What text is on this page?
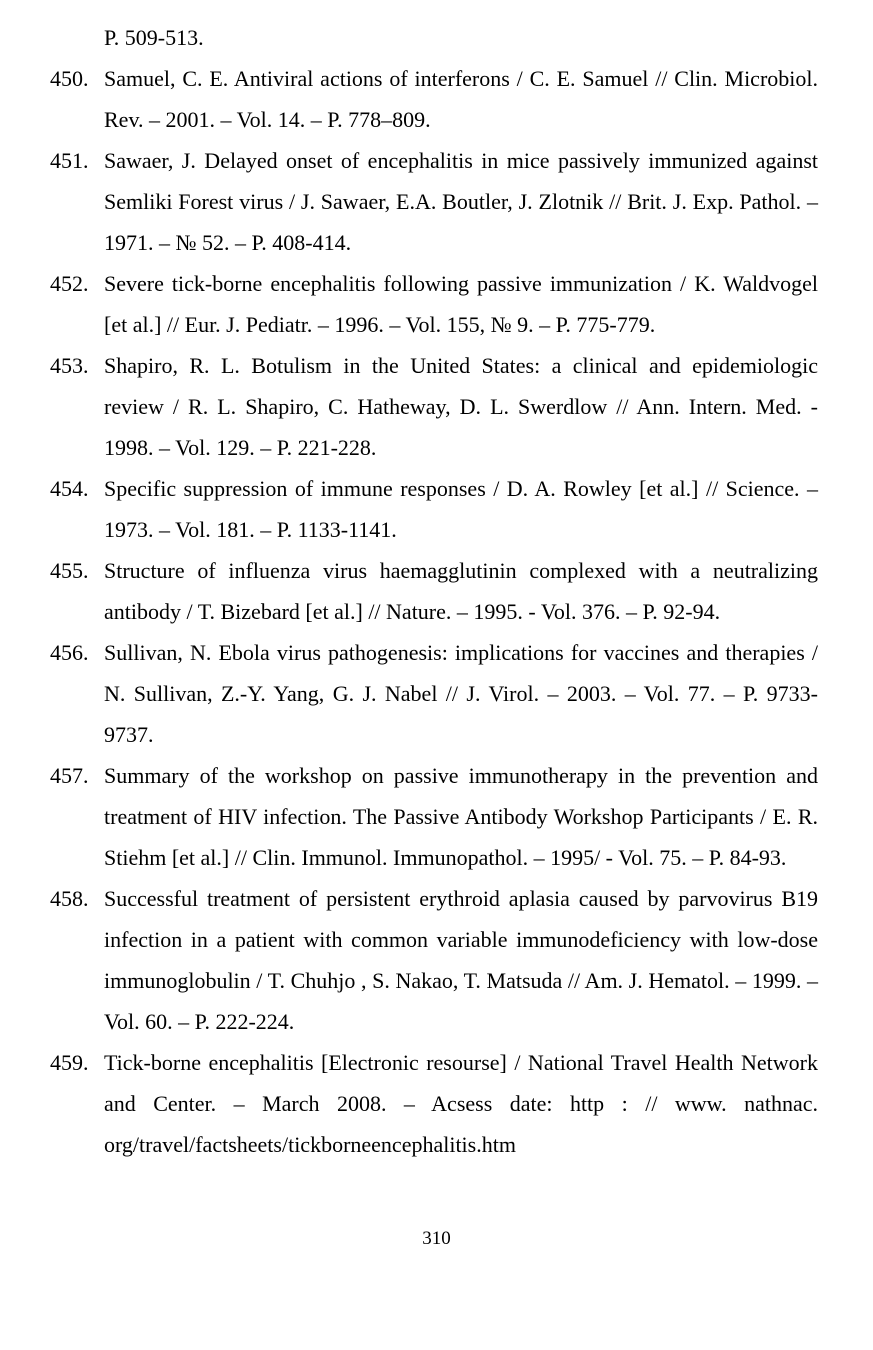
P. 509-513.

450. Samuel, C. E. Antiviral actions of interferons / C. E. Samuel // Clin. Microbiol. Rev. – 2001. – Vol. 14. – P. 778–809.
451. Sawaer, J. Delayed onset of encephalitis in mice passively immunized against Semliki Forest virus / J. Sawaer, E.A. Boutler, J. Zlotnik // Brit. J. Exp. Pathol. – 1971. – № 52. – P. 408-414.
452. Severe tick-borne encephalitis following passive immunization / K. Waldvogel [et al.] // Eur. J. Pediatr. – 1996. – Vol. 155, № 9. – P. 775-779.
453. Shapiro, R. L. Botulism in the United States: a clinical and epidemiologic review / R. L. Shapiro, C. Hatheway, D. L. Swerdlow // Ann. Intern. Med. - 1998. – Vol. 129. – P. 221-228.
454. Specific suppression of immune responses / D. A. Rowley [et al.] // Science. – 1973. – Vol. 181. – P. 1133-1141.
455. Structure of influenza virus haemagglutinin complexed with a neutralizing antibody / T. Bizebard [et al.] // Nature. – 1995. - Vol. 376. – P. 92-94.
456. Sullivan, N. Ebola virus pathogenesis: implications for vaccines and therapies / N. Sullivan, Z.-Y. Yang, G. J. Nabel // J. Virol. – 2003. – Vol. 77. – P. 9733-9737.
457. Summary of the workshop on passive immunotherapy in the prevention and treatment of HIV infection. The Passive Antibody Workshop Participants / E. R. Stiehm [et al.] // Clin. Immunol. Immunopathol. – 1995/ - Vol. 75. – P. 84-93.
458. Successful treatment of persistent erythroid aplasia caused by parvovirus B19 infection in a patient with common variable immunodeficiency with low-dose immunoglobulin / T. Chuhjo , S. Nakao, T. Matsuda // Am. J. Hematol. – 1999. – Vol. 60. – P. 222-224.
459. Tick-borne encephalitis [Electronic resourse] / National Travel Health Network and Center. – March 2008. – Acsess date: http : // www. nathnac. org/travel/factsheets/tickborneencephalitis.htm

310
